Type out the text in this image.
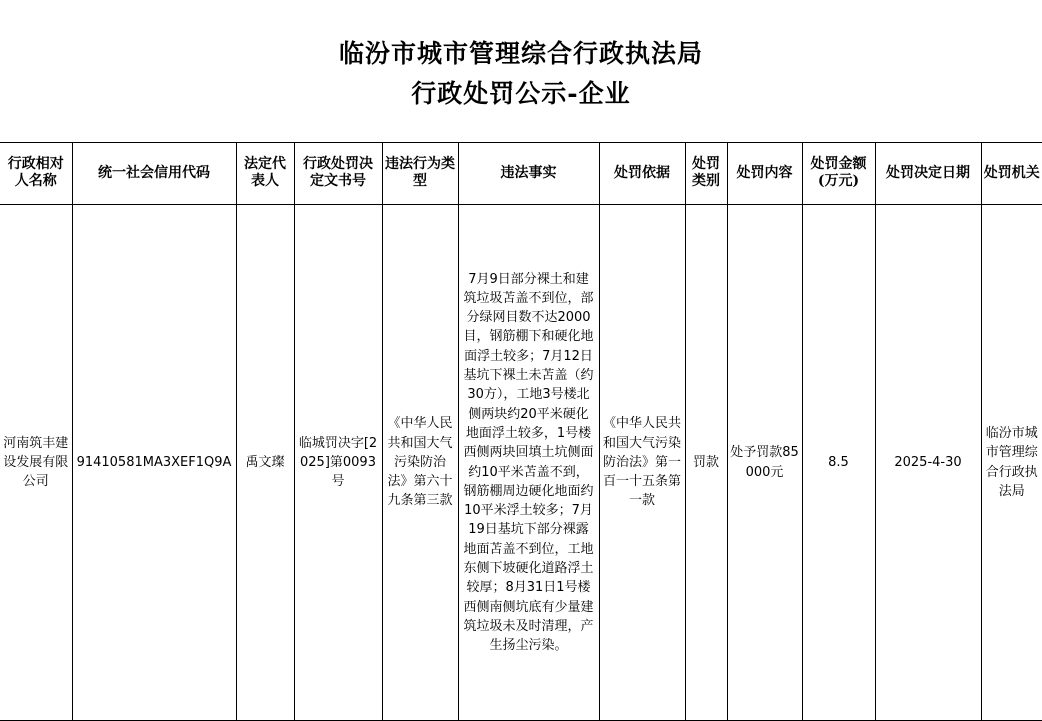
临汾市城市管理综合行政执法局
行政处罚公示-企业
行政相对人名称	统一社会信用代码	法定代表人	行政处罚决定文书号	违法行为类型	违法事实	处罚依据	处罚类别	处罚内容	处罚金额(万元)	处罚决定日期	处罚机关
河南筑丰建设发展有限公司	91410581MA3XEF1Q9A	禹文璨	临城罚决字[2025]第0093号	《中华人民共和国大气污染防治法》第六十九条第三款	7月9日部分裸土和建筑垃圾苫盖不到位，部分绿网目数不达2000目，钢筋棚下和硬化地面浮土较多；7月12日基坑下裸土未苫盖（约30方），工地3号楼北侧两块约20平米硬化地面浮土较多，1号楼西侧两块回填土坑侧面约10平米苫盖不到，钢筋棚周边硬化地面约10平米浮土较多；7月19日基坑下部分裸露地面苫盖不到位，工地东侧下坡硬化道路浮土较厚；8月31日1号楼西侧南侧坑底有少量建筑垃圾未及时清理，产生扬尘污染。	《中华人民共和国大气污染防治法》第一百一十五条第一款	罚款	处予罚款85000元	8.5	2025-4-30	临汾市城市管理综合行政执法局
